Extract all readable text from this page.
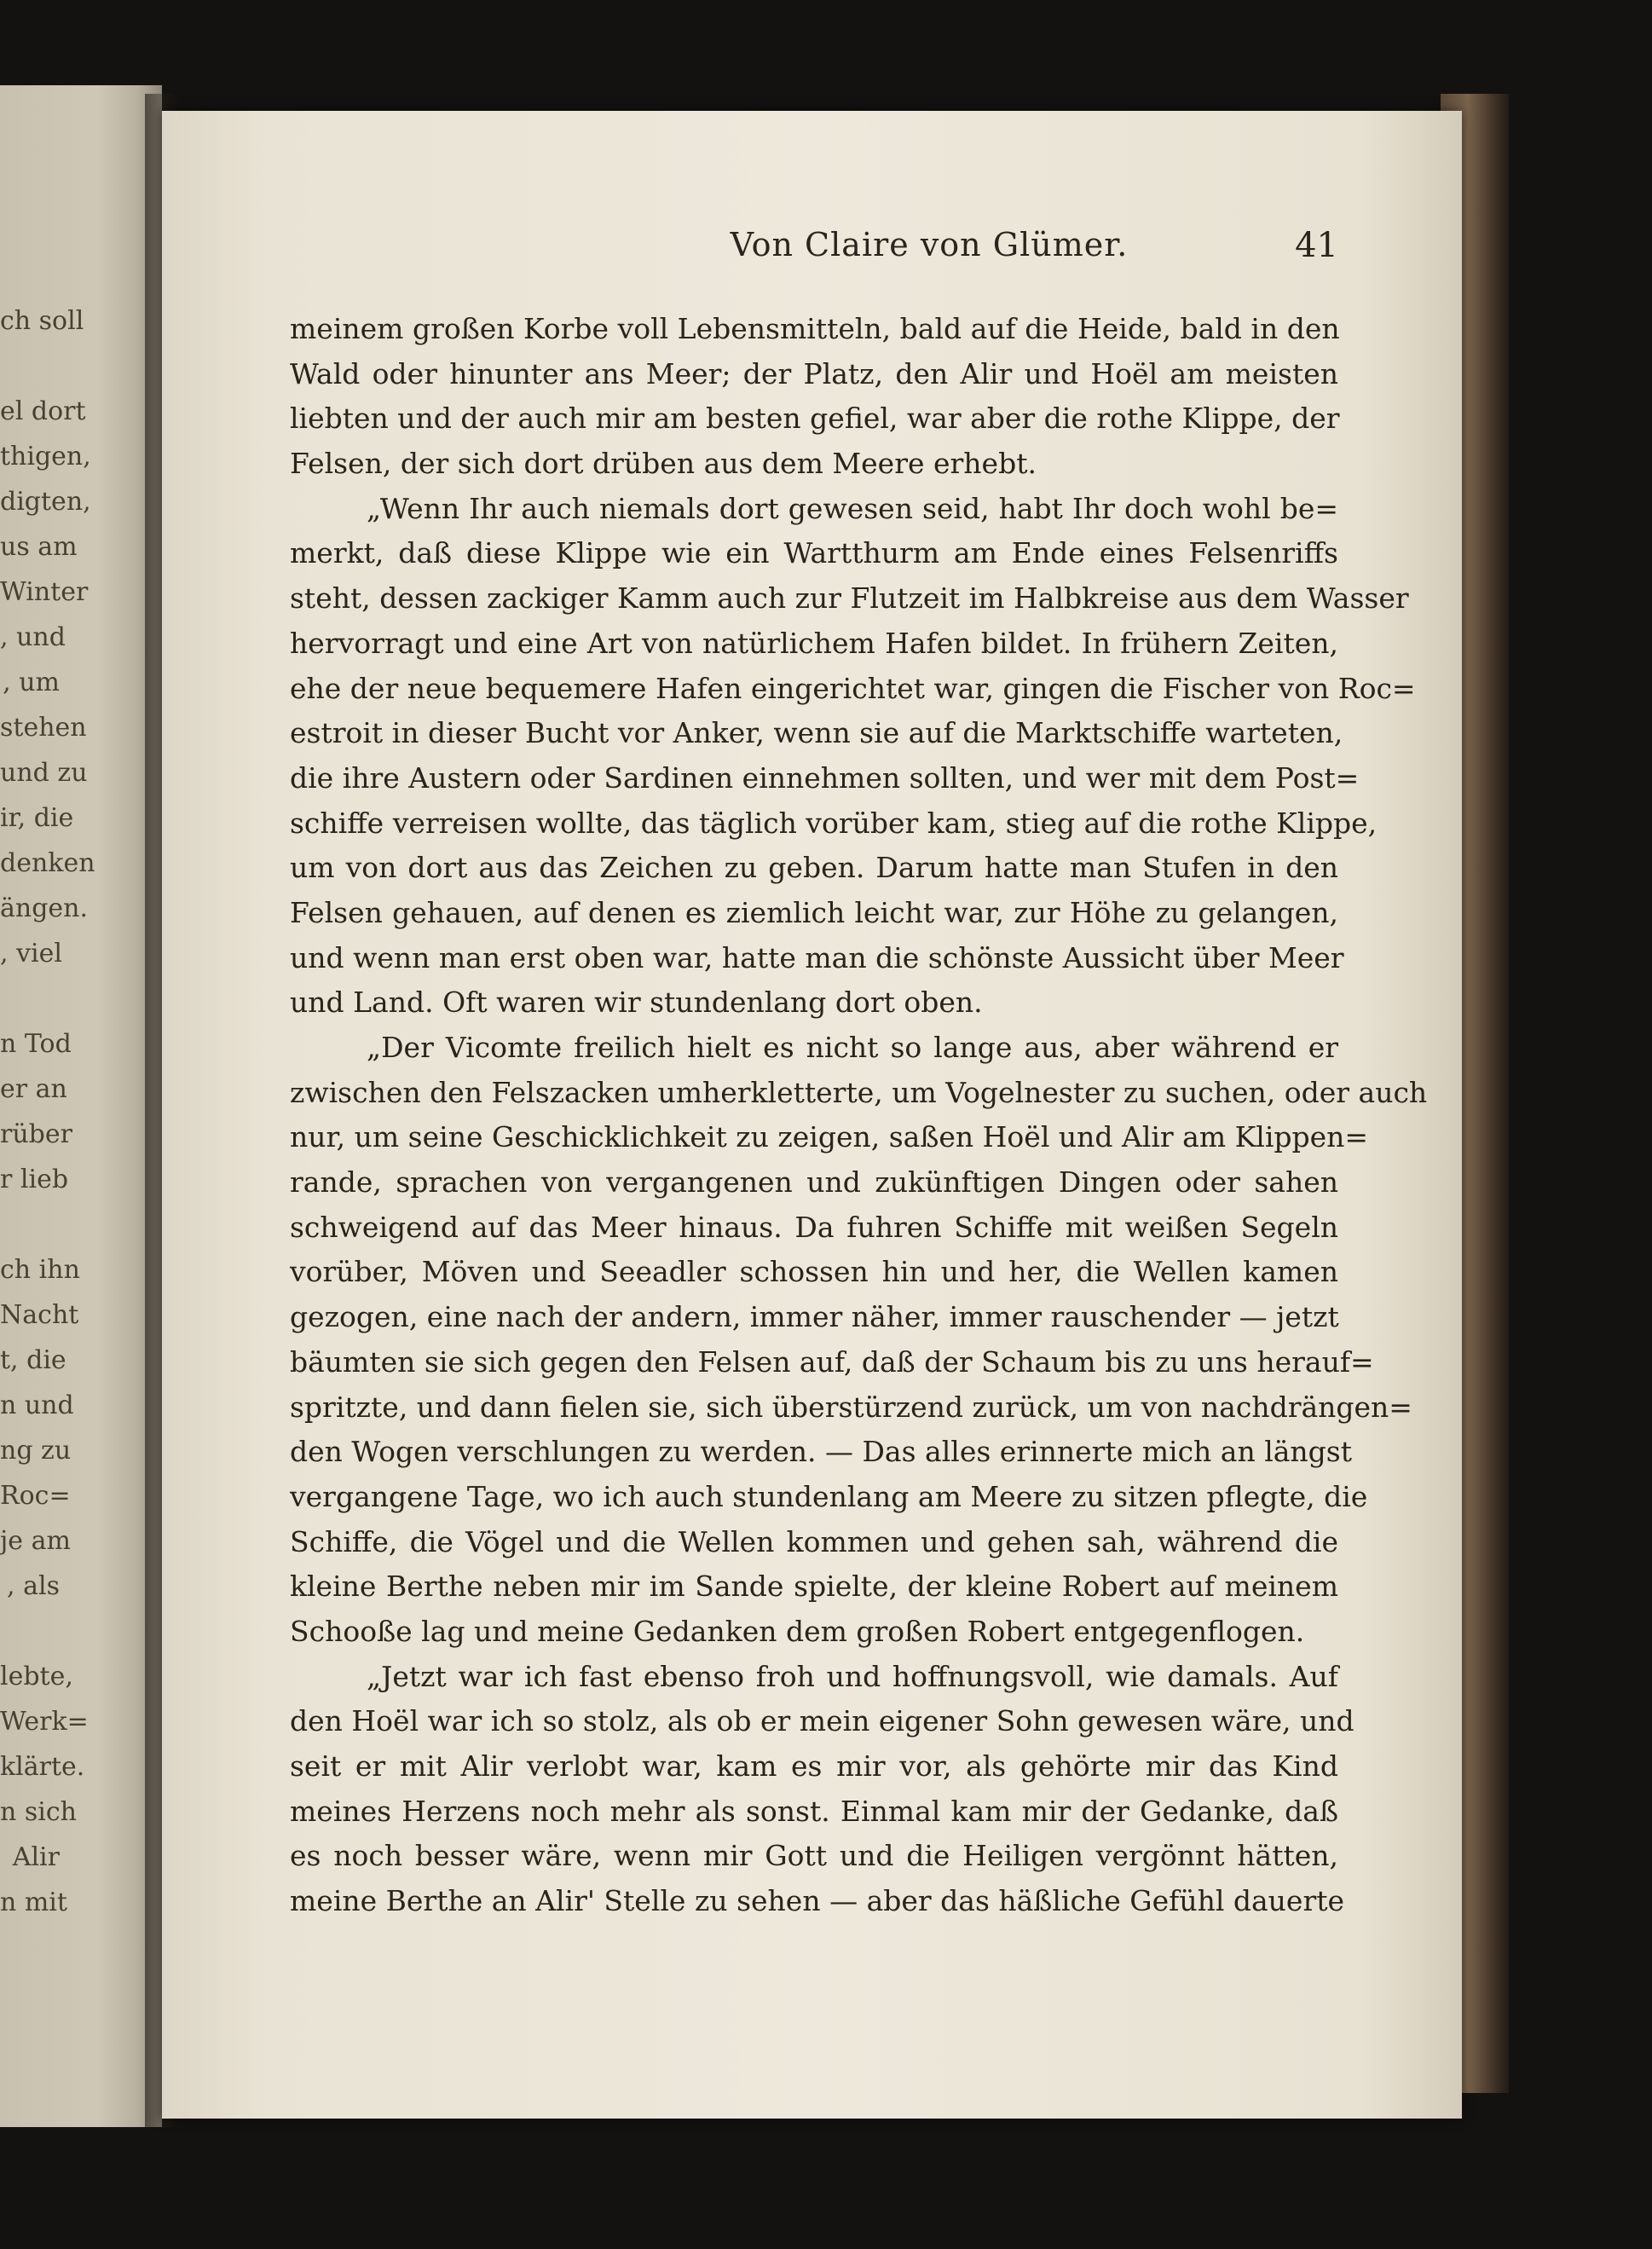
ch soll
el dort
thigen,
digten,
us am
Winter
, und
, um
stehen
und zu
ir, die
denken
ängen.
, viel
n Tod
er an
rüber
r lieb
ch ihn
Nacht
t, die
n und
ng zu
Roc=
je am
, als
lebte,
Werk=
klärte.
n sich
Alir
n mit
Von Claire von Glümer.	41
meinem großen Korbe voll Lebensmitteln, bald auf die Heide, bald in den
Wald oder hinunter ans Meer; der Platz, den Alir und Hoël am meisten
liebten und der auch mir am besten gefiel, war aber die rothe Klippe, der
Felsen, der sich dort drüben aus dem Meere erhebt.
„Wenn Ihr auch niemals dort gewesen seid, habt Ihr doch wohl be=
merkt, daß diese Klippe wie ein Wartthurm am Ende eines Felsenriffs
steht, dessen zackiger Kamm auch zur Flutzeit im Halbkreise aus dem Wasser
hervorragt und eine Art von natürlichem Hafen bildet. In frühern Zeiten,
ehe der neue bequemere Hafen eingerichtet war, gingen die Fischer von Roc=
estroit in dieser Bucht vor Anker, wenn sie auf die Marktschiffe warteten,
die ihre Austern oder Sardinen einnehmen sollten, und wer mit dem Post=
schiffe verreisen wollte, das täglich vorüber kam, stieg auf die rothe Klippe,
um von dort aus das Zeichen zu geben. Darum hatte man Stufen in den
Felsen gehauen, auf denen es ziemlich leicht war, zur Höhe zu gelangen,
und wenn man erst oben war, hatte man die schönste Aussicht über Meer
und Land. Oft waren wir stundenlang dort oben.
„Der Vicomte freilich hielt es nicht so lange aus, aber während er
zwischen den Felszacken umherkletterte, um Vogelnester zu suchen, oder auch
nur, um seine Geschicklichkeit zu zeigen, saßen Hoël und Alir am Klippen=
rande, sprachen von vergangenen und zukünftigen Dingen oder sahen
schweigend auf das Meer hinaus. Da fuhren Schiffe mit weißen Segeln
vorüber, Möven und Seeadler schossen hin und her, die Wellen kamen
gezogen, eine nach der andern, immer näher, immer rauschender — jetzt
bäumten sie sich gegen den Felsen auf, daß der Schaum bis zu uns herauf=
spritzte, und dann fielen sie, sich überstürzend zurück, um von nachdrängen=
den Wogen verschlungen zu werden. — Das alles erinnerte mich an längst
vergangene Tage, wo ich auch stundenlang am Meere zu sitzen pflegte, die
Schiffe, die Vögel und die Wellen kommen und gehen sah, während die
kleine Berthe neben mir im Sande spielte, der kleine Robert auf meinem
Schooße lag und meine Gedanken dem großen Robert entgegenflogen.
„Jetzt war ich fast ebenso froh und hoffnungsvoll, wie damals. Auf
den Hoël war ich so stolz, als ob er mein eigener Sohn gewesen wäre, und
seit er mit Alir verlobt war, kam es mir vor, als gehörte mir das Kind
meines Herzens noch mehr als sonst. Einmal kam mir der Gedanke, daß
es noch besser wäre, wenn mir Gott und die Heiligen vergönnt hätten,
meine Berthe an Alir' Stelle zu sehen — aber das häßliche Gefühl dauerte
